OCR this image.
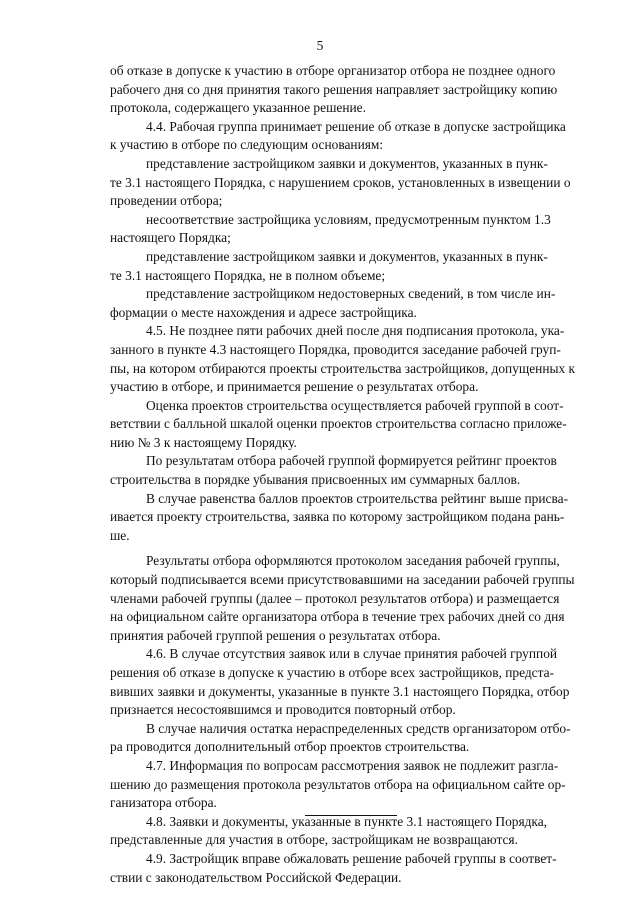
5
об отказе в допуске к участию в отборе организатор отбора не позднее одного
рабочего дня со дня принятия такого решения направляет застройщику копию
протокола, содержащего указанное решение.
4.4. Рабочая группа принимает решение об отказе в допуске застройщика
к участию в отборе по следующим основаниям:
представление застройщиком заявки и документов, указанных в пунк-
те 3.1 настоящего Порядка, с нарушением сроков, установленных в извещении о
проведении отбора;
несоответствие застройщика условиям, предусмотренным пунктом 1.3
настоящего Порядка;
представление застройщиком заявки и документов, указанных в пунк-
те 3.1 настоящего Порядка, не в полном объеме;
представление застройщиком недостоверных сведений, в том числе ин-
формации о месте нахождения и адресе застройщика.
4.5. Не позднее пяти рабочих дней после дня подписания протокола, ука-
занного в пункте 4.3 настоящего Порядка, проводится заседание рабочей груп-
пы, на котором отбираются проекты строительства застройщиков, допущенных к
участию в отборе, и принимается решение о результатах отбора.
Оценка проектов строительства осуществляется рабочей группой в соот-
ветствии с балльной шкалой оценки проектов строительства согласно приложе-
нию № 3 к настоящему Порядку.
По результатам отбора рабочей группой формируется рейтинг проектов
строительства в порядке убывания присвоенных им суммарных баллов.
В случае равенства баллов проектов строительства рейтинг выше присва-
ивается проекту строительства, заявка по которому застройщиком подана рань-
ше.
Результаты отбора оформляются протоколом заседания рабочей группы,
который подписывается всеми присутствовавшими на заседании рабочей группы
членами рабочей группы (далее – протокол результатов отбора) и размещается
на официальном сайте организатора отбора в течение трех рабочих дней со дня
принятия рабочей группой решения о результатах отбора.
4.6. В случае отсутствия заявок или в случае принятия рабочей группой
решения об отказе в допуске к участию в отборе всех застройщиков, предста-
вивших заявки и документы, указанные в пункте 3.1 настоящего Порядка, отбор
признается несостоявшимся и проводится повторный отбор.
В случае наличия остатка нераспределенных средств организатором отбо-
ра проводится дополнительный отбор проектов строительства.
4.7. Информация по вопросам рассмотрения заявок не подлежит разгла-
шению до размещения протокола результатов отбора на официальном сайте ор-
ганизатора отбора.
4.8. Заявки и документы, указанные в пункте 3.1 настоящего Порядка,
представленные для участия в отборе, застройщикам не возвращаются.
4.9. Застройщик вправе обжаловать решение рабочей группы в соответ-
ствии с законодательством Российской Федерации.
